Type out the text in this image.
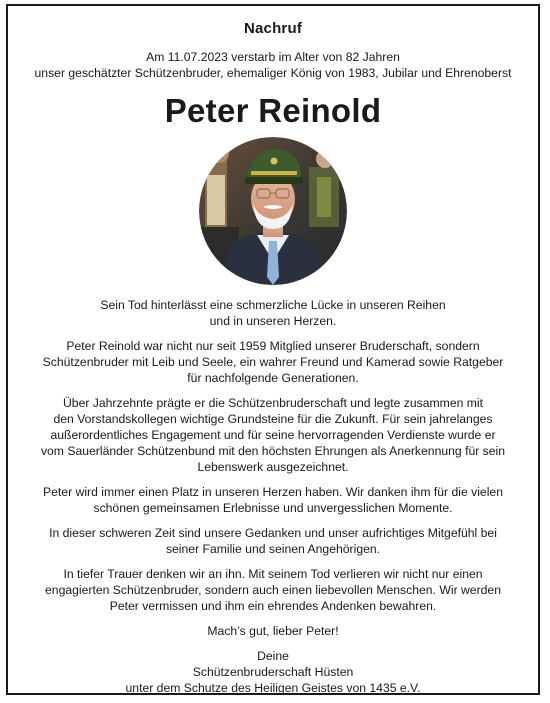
Nachruf
Am 11.07.2023 verstarb im Alter von 82 Jahren
unser geschätzter Schützenbruder, ehemaliger König von 1983, Jubilar und Ehrenoberst
Peter Reinold
Sein Tod hinterlässt eine schmerzliche Lücke in unseren Reihen
und in unseren Herzen.
Peter Reinold war nicht nur seit 1959 Mitglied unserer Bruderschaft, sondern
Schützenbruder mit Leib und Seele, ein wahrer Freund und Kamerad sowie Ratgeber
für nachfolgende Generationen.
Über Jahrzehnte prägte er die Schützenbruderschaft und legte zusammen mit
den Vorstandskollegen wichtige Grundsteine für die Zukunft. Für sein jahrelanges
außerordentliches Engagement und für seine hervorragenden Verdienste wurde er
vom Sauerländer Schützenbund mit den höchsten Ehrungen als Anerkennung für sein
Lebenswerk ausgezeichnet.
Peter wird immer einen Platz in unseren Herzen haben. Wir danken ihm für die vielen
schönen gemeinsamen Erlebnisse und unvergesslichen Momente.
In dieser schweren Zeit sind unsere Gedanken und unser aufrichtiges Mitgefühl bei
seiner Familie und seinen Angehörigen.
In tiefer Trauer denken wir an ihn. Mit seinem Tod verlieren wir nicht nur einen
engagierten Schützenbruder, sondern auch einen liebevollen Menschen. Wir werden
Peter vermissen und ihm ein ehrendes Andenken bewahren.
Mach’s gut, lieber Peter!
Deine
Schützenbruderschaft Hüsten
unter dem Schutze des Heiligen Geistes von 1435 e.V.
